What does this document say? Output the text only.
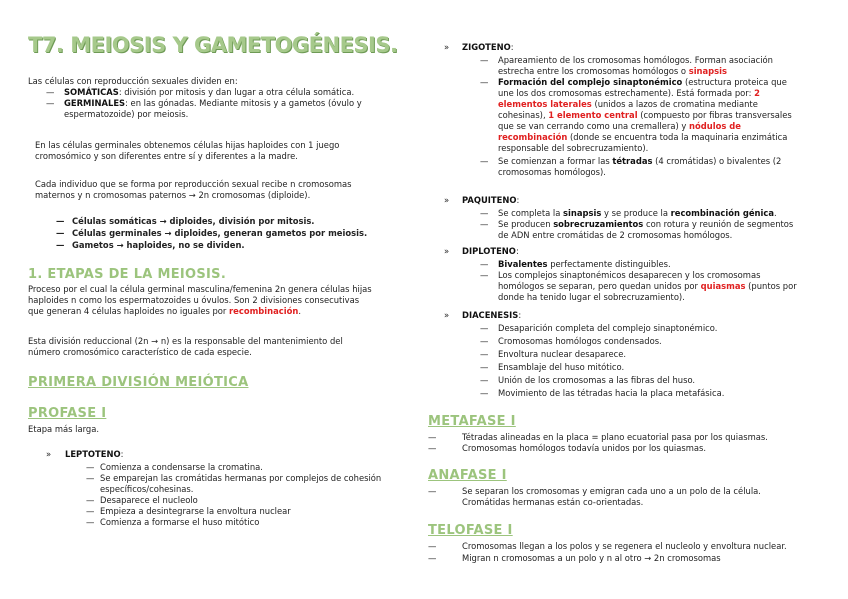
T7. MEIOSIS Y GAMETOGÉNESIS.

Las células con reproducción sexuales dividen en:

— SOMÁTICAS: división por mitosis y dan lugar a otra célula somática.
— GERMINALES: en las gónadas. Mediante mitosis y a gametos (óvulo y
espermatozoide) por meiosis.

En las células germinales obtenemos células hijas haploides con 1 juego

cromosómico y son diferentes entre sí y diferentes a la madre.

Cada individuo que se forma por reproducción sexual recibe n cromosomas

maternos y n cromosomas paternos → 2n cromosomas (diploide).

— Células somáticas → diploides, división por mitosis.
— Células germinales → diploides, generan gametos por meiosis.
— Gametos → haploides, no se dividen.
1. ETAPAS DE LA MEIOSIS.

Proceso por el cual la célula germinal masculina/femenina 2n genera células hijas

haploides n como los espermatozoides u óvulos. Son 2 divisiones consecutivas

que generan 4 células haploides no iguales por recombinación.

Esta división reduccional (2n → n) es la responsable del mantenimiento del

número cromosómico característico de cada especie.

PRIMERA DIVISIÓN MEIÓTICA
PROFASE I

Etapa más larga.

» LEPTOTENO:
— Comienza a condensarse la cromatina.
— Se emparejan las cromátidas hermanas por complejos de cohesión
específicos/cohesinas.
— Desaparece el nucleolo
— Empieza a desintegrarse la envoltura nuclear
— Comienza a formarse el huso mitótico
» ZIGOTENO:
— Apareamiento de los cromosomas homólogos. Forman asociación
estrecha entre los cromosomas homólogos o sinapsis
— Formación del complejo sinaptonémico (estructura proteica que
une los dos cromosomas estrechamente). Está formada por: 2
elementos laterales (unidos a lazos de cromatina mediante
cohesinas), 1 elemento central (compuesto por fibras transversales
que se van cerrando como una cremallera) y nódulos de
recombinación (donde se encuentra toda la maquinaria enzimática
responsable del sobrecruzamiento).
— Se comienzan a formar las tétradas (4 cromátidas) o bivalentes (2
cromosomas homólogos).
» PAQUITENO:
— Se completa la sinapsis y se produce la recombinación génica.
— Se producen sobrecruzamientos con rotura y reunión de segmentos
de ADN entre cromátidas de 2 cromosomas homólogos.
» DIPLOTENO:
— Bivalentes perfectamente distinguibles.
— Los complejos sinaptonémicos desaparecen y los cromosomas
homólogos se separan, pero quedan unidos por quiasmas (puntos por
donde ha tenido lugar el sobrecruzamiento).
» DIACENESIS:
— Desaparición completa del complejo sinaptonémico.
— Cromosomas homólogos condensados.
— Envoltura nuclear desaparece.
— Ensamblaje del huso mitótico.
— Unión de los cromosomas a las fibras del huso.
— Movimiento de las tétradas hacia la placa metafásica.
METAFASE I
—	Tétradas alineadas en la placa = plano ecuatorial pasa por los quiasmas.
—	Cromosomas homólogos todavía unidos por los quiasmas.
ANAFASE I
—	Se separan los cromosomas y emigran cada uno a un polo de la célula.
Cromátidas hermanas están co-orientadas.
TELOFASE I
—	Cromosomas llegan a los polos y se regenera el nucleolo y envoltura nuclear.
—	Migran n cromosomas a un polo y n al otro → 2n cromosomas
